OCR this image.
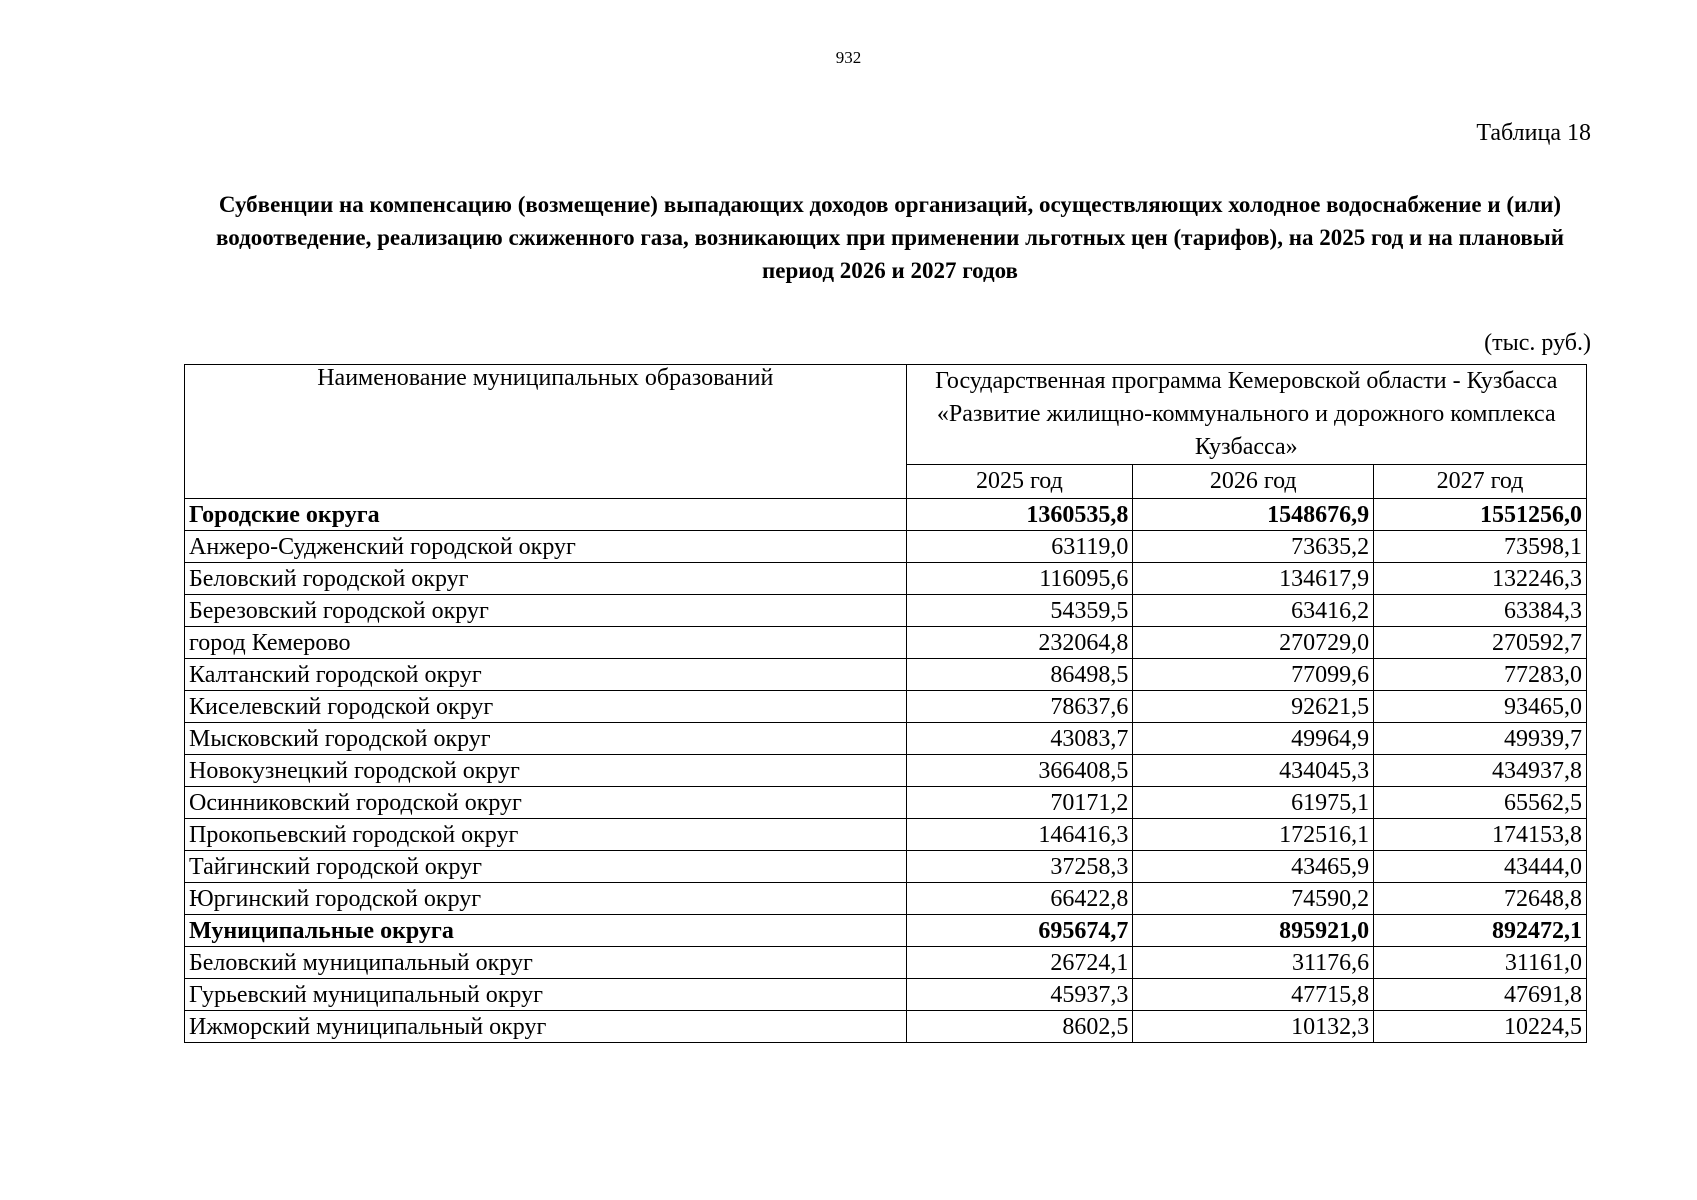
932
Таблица 18
Субвенции на компенсацию (возмещение) выпадающих доходов организаций, осуществляющих холодное водоснабжение и (или) водоотведение, реализацию сжиженного газа, возникающих при применении льготных цен (тарифов), на 2025 год и на плановый период 2026 и 2027 годов
(тыс. руб.)
Наименование муниципальных образований	Государственная программа Кемеровской области - Кузбасса «Развитие жилищно-коммунального и дорожного комплекса Кузбасса»		
	2025 год	2026 год	2027 год
Городские округа	1360535,8	1548676,9	1551256,0
Анжеро-Судженский городской округ	63119,0	73635,2	73598,1
Беловский городской округ	116095,6	134617,9	132246,3
Березовский городской округ	54359,5	63416,2	63384,3
город Кемерово	232064,8	270729,0	270592,7
Калтанский городской округ	86498,5	77099,6	77283,0
Киселевский городской округ	78637,6	92621,5	93465,0
Мысковский городской округ	43083,7	49964,9	49939,7
Новокузнецкий городской округ	366408,5	434045,3	434937,8
Осинниковский городской округ	70171,2	61975,1	65562,5
Прокопьевский городской округ	146416,3	172516,1	174153,8
Тайгинский городской округ	37258,3	43465,9	43444,0
Юргинский городской округ	66422,8	74590,2	72648,8
Муниципальные округа	695674,7	895921,0	892472,1
Беловский муниципальный округ	26724,1	31176,6	31161,0
Гурьевский муниципальный округ	45937,3	47715,8	47691,8
Ижморский муниципальный округ	8602,5	10132,3	10224,5
